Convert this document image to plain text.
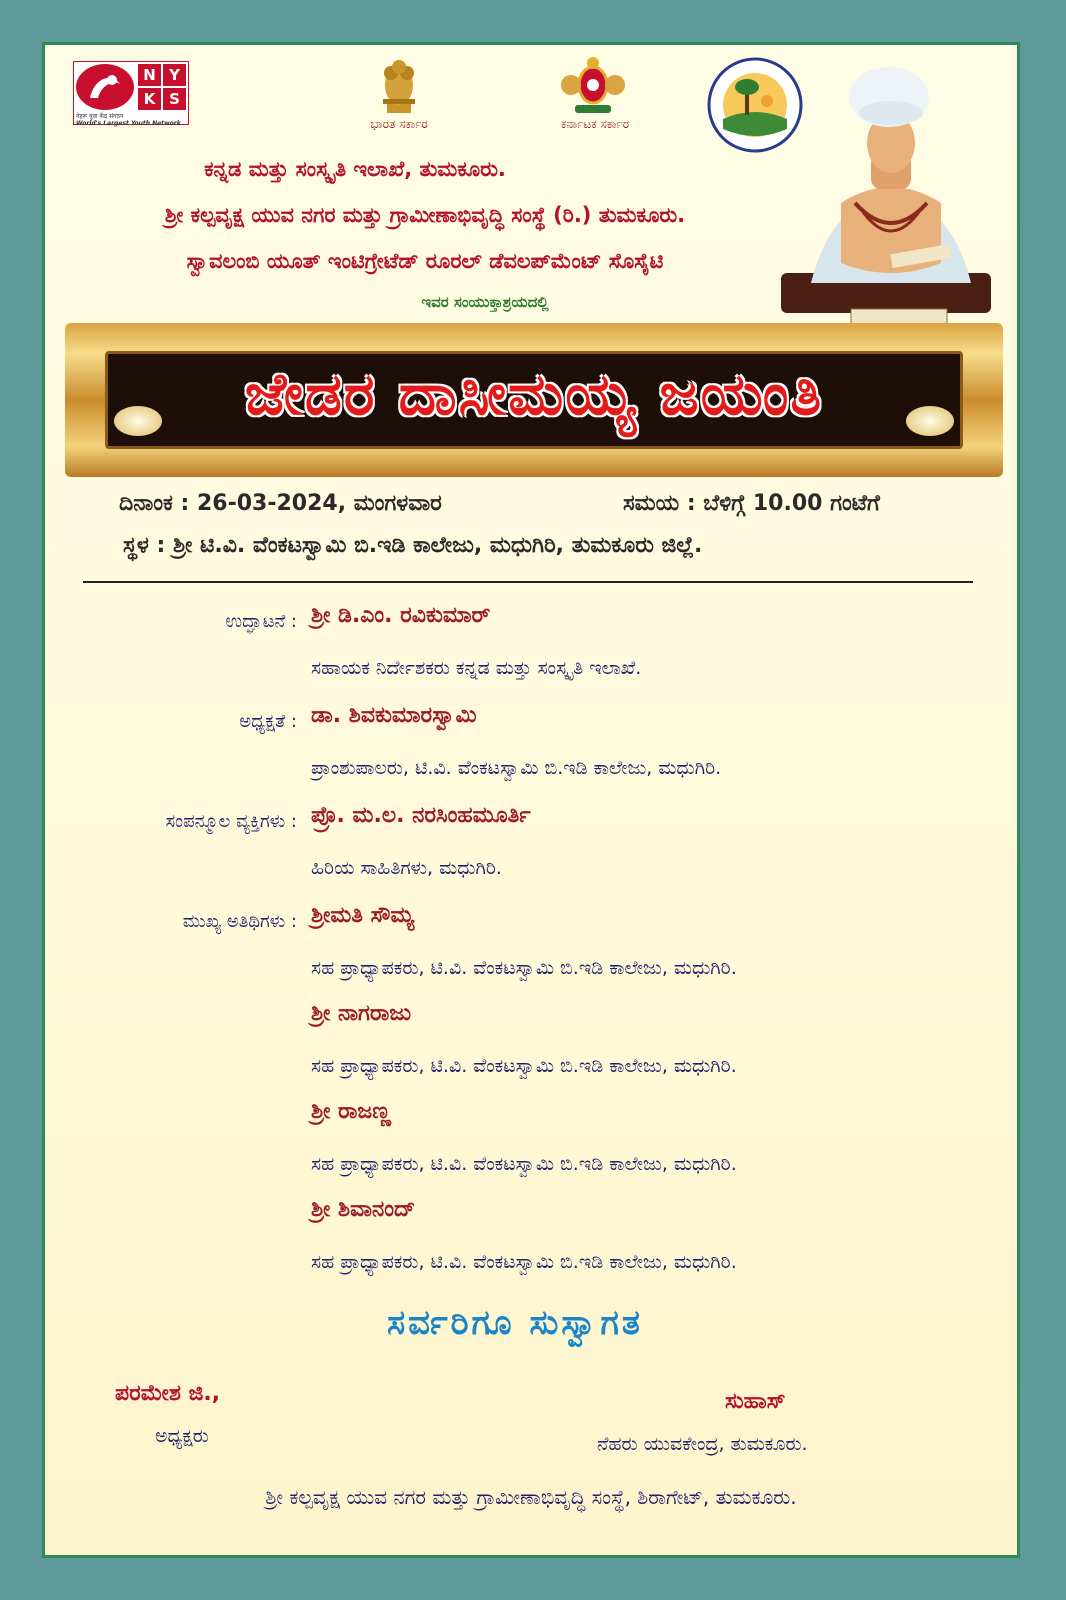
N Y
K S
नेहरू युवा केंद्र संगठन
World's Largest Youth Network	ಭಾರತ ಸರ್ಕಾರ	ಕರ್ನಾಟಕ ಸರ್ಕಾರ
ಕನ್ನಡ ಮತ್ತು ಸಂಸ್ಕೃತಿ ಇಲಾಖೆ, ತುಮಕೂರು.
ಶ್ರೀ ಕಲ್ಪವೃಕ್ಷ ಯುವ ನಗರ ಮತ್ತು ಗ್ರಾಮೀಣಾಭಿವೃದ್ಧಿ ಸಂಸ್ಥೆ (ರಿ.) ತುಮಕೂರು.
ಸ್ವಾವಲಂಬಿ ಯೂತ್ ಇಂಟಿಗ್ರೇಟೆಡ್ ರೂರಲ್ ಡೆವಲಪ್‌ಮೆಂಟ್ ಸೊಸೈಟಿ
ಇವರ ಸಂಯುಕ್ತಾಶ್ರಯದಲ್ಲಿ
ಜೇಡರ ದಾಸೀಮಯ್ಯ ಜಯಂತಿ
ದಿನಾಂಕ : 26-03-2024, ಮಂಗಳವಾರ	ಸಮಯ : ಬೆಳಿಗ್ಗೆ 10.00 ಗಂಟೆಗೆ
ಸ್ಥಳ : ಶ್ರೀ ಟಿ.ವಿ. ವೆಂಕಟಸ್ವಾಮಿ ಬಿ.ಇಡಿ ಕಾಲೇಜು, ಮಧುಗಿರಿ, ತುಮಕೂರು ಜಿಲ್ಲೆ.
ಉದ್ಘಾಟನೆ : ಶ್ರೀ ಡಿ.ಎಂ. ರವಿಕುಮಾರ್
ಸಹಾಯಕ ನಿರ್ದೇಶಕರು ಕನ್ನಡ ಮತ್ತು ಸಂಸ್ಕೃತಿ ಇಲಾಖೆ.
ಅಧ್ಯಕ್ಷತೆ : ಡಾ. ಶಿವಕುಮಾರಸ್ವಾಮಿ
ಪ್ರಾಂಶುಪಾಲರು, ಟಿ.ವಿ. ವೆಂಕಟಸ್ವಾಮಿ ಬಿ.ಇಡಿ ಕಾಲೇಜು, ಮಧುಗಿರಿ.
ಸಂಪನ್ಮೂಲ ವ್ಯಕ್ತಿಗಳು : ಪ್ರೊ. ಮ.ಲ. ನರಸಿಂಹಮೂರ್ತಿ
ಹಿರಿಯ ಸಾಹಿತಿಗಳು, ಮಧುಗಿರಿ.
ಮುಖ್ಯ ಅತಿಥಿಗಳು : ಶ್ರೀಮತಿ ಸೌಮ್ಯ
ಸಹ ಪ್ರಾಧ್ಯಾಪಕರು, ಟಿ.ವಿ. ವೆಂಕಟಸ್ವಾಮಿ ಬಿ.ಇಡಿ ಕಾಲೇಜು, ಮಧುಗಿರಿ.
ಶ್ರೀ ನಾಗರಾಜು
ಸಹ ಪ್ರಾಧ್ಯಾಪಕರು, ಟಿ.ವಿ. ವೆಂಕಟಸ್ವಾಮಿ ಬಿ.ಇಡಿ ಕಾಲೇಜು, ಮಧುಗಿರಿ.
ಶ್ರೀ ರಾಜಣ್ಣ
ಸಹ ಪ್ರಾಧ್ಯಾಪಕರು, ಟಿ.ವಿ. ವೆಂಕಟಸ್ವಾಮಿ ಬಿ.ಇಡಿ ಕಾಲೇಜು, ಮಧುಗಿರಿ.
ಶ್ರೀ ಶಿವಾನಂದ್
ಸಹ ಪ್ರಾಧ್ಯಾಪಕರು, ಟಿ.ವಿ. ವೆಂಕಟಸ್ವಾಮಿ ಬಿ.ಇಡಿ ಕಾಲೇಜು, ಮಧುಗಿರಿ.
ಸರ್ವರಿಗೂ ಸುಸ್ವಾಗತ
ಪರಮೇಶ ಜಿ.,
ಅಧ್ಯಕ್ಷರು
ಸುಹಾಸ್
ನೆಹರು ಯುವಕೇಂದ್ರ, ತುಮಕೂರು.
ಶ್ರೀ ಕಲ್ಪವೃಕ್ಷ ಯುವ ನಗರ ಮತ್ತು ಗ್ರಾಮೀಣಾಭಿವೃದ್ಧಿ ಸಂಸ್ಥೆ, ಶಿರಾಗೇಟ್, ತುಮಕೂರು.
